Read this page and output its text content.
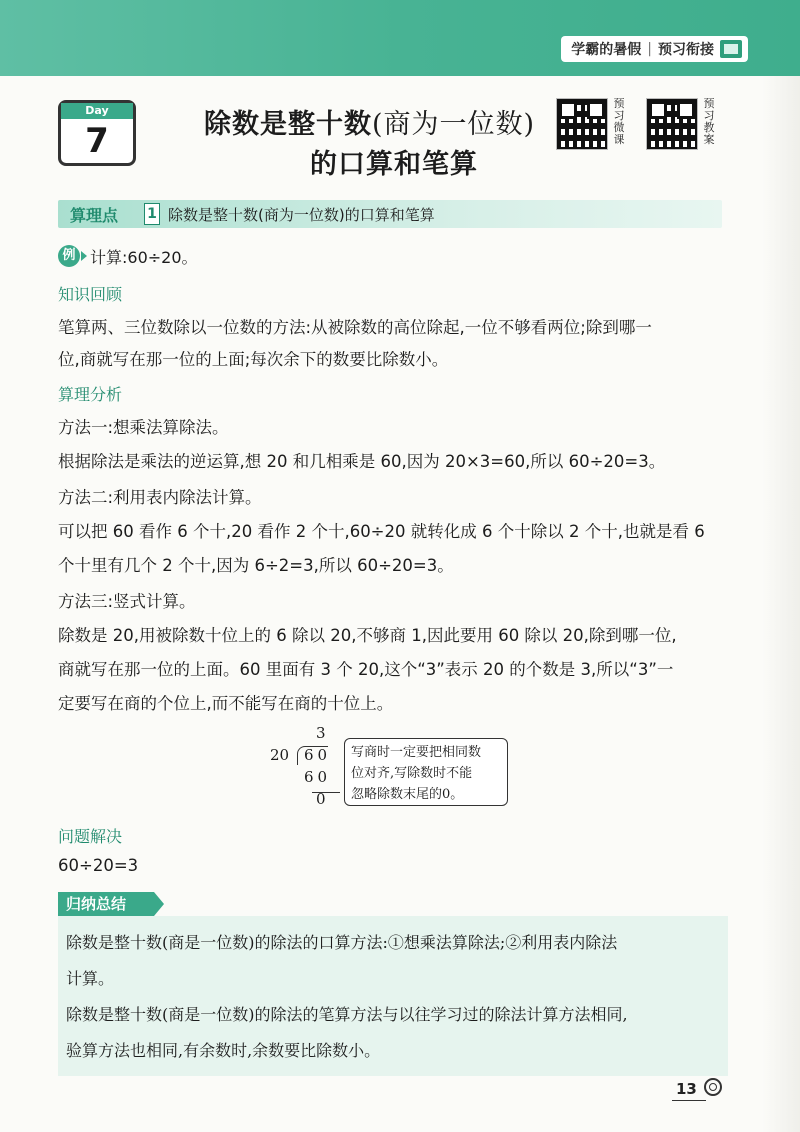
学霸的暑假 | 预习衔接
Day
7	除数是整十数(商为一位数)
的口算和笔算
预习微课
预习教案
算理点 1 除数是整十数(商为一位数)的口算和笔算
例 计算:60÷20。
知识回顾
笔算两、三位数除以一位数的方法:从被除数的高位除起,一位不够看两位;除到哪一
位,商就写在那一位的上面;每次余下的数要比除数小。
算理分析
方法一:想乘法算除法。
根据除法是乘法的逆运算,想 20 和几相乘是 60,因为 20×3=60,所以 60÷20=3。
方法二:利用表内除法计算。
可以把 60 看作 6 个十,20 看作 2 个十,60÷20 就转化成 6 个十除以 2 个十,也就是看 6
个十里有几个 2 个十,因为 6÷2=3,所以 60÷20=3。
方法三:竖式计算。
除数是 20,用被除数十位上的 6 除以 20,不够商 1,因此要用 60 除以 20,除到哪一位,
商就写在那一位的上面。60 里面有 3 个 20,这个“3”表示 20 的个数是 3,所以“3”一
定要写在商的个位上,而不能写在商的十位上。
3
20 60
60
0
写商时一定要把相同数
位对齐,写除数时不能
忽略除数末尾的0。
问题解决
60÷20=3
归纳总结
除数是整十数(商是一位数)的除法的口算方法:①想乘法算除法;②利用表内除法
计算。
除数是整十数(商是一位数)的除法的笔算方法与以往学习过的除法计算方法相同,
验算方法也相同,有余数时,余数要比除数小。
13
